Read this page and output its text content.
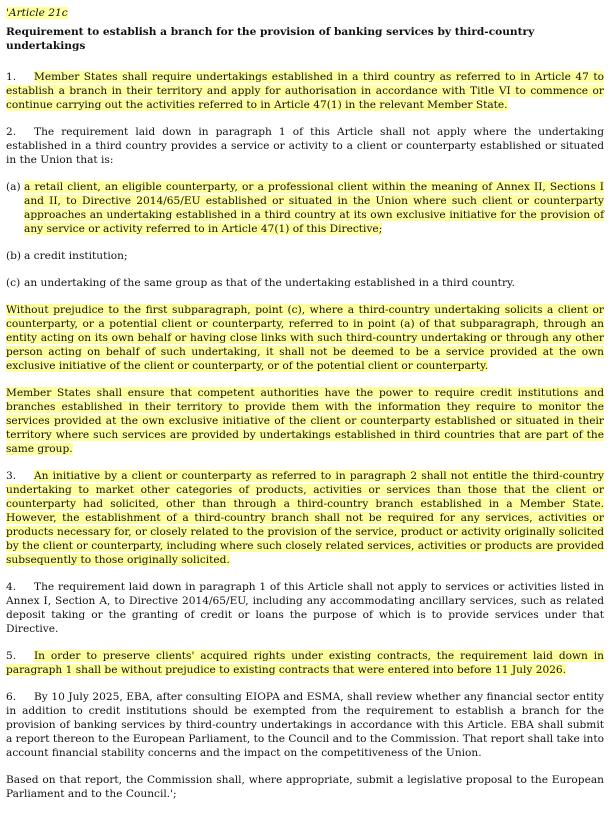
'Article 21c
Requirement to establish a branch for the provision of banking services by third-country undertakings

1. Member States shall require undertakings established in a third country as referred to in Article 47 to establish a branch in their territory and apply for authorisation in accordance with Title VI to commence or continue carrying out the activities referred to in Article 47(1) in the relevant Member State.

2. The requirement laid down in paragraph 1 of this Article shall not apply where the undertaking established in a third country provides a service or activity to a client or counterparty established or situated in the Union that is:

(a) a retail client, an eligible counterparty, or a professional client within the meaning of Annex II, Sections I and II, to Directive 2014/65/EU established or situated in the Union where such client or counterparty approaches an undertaking established in a third country at its own exclusive initiative for the provision of any service or activity referred to in Article 47(1) of this Directive;
(b) a credit institution;
(c) an undertaking of the same group as that of the undertaking established in a third country.

Without prejudice to the first subparagraph, point (c), where a third-country undertaking solicits a client or counterparty, or a potential client or counterparty, referred to in point (a) of that subparagraph, through an entity acting on its own behalf or having close links with such third-country undertaking or through any other person acting on behalf of such undertaking, it shall not be deemed to be a service provided at the own exclusive initiative of the client or counterparty, or of the potential client or counterparty.

Member States shall ensure that competent authorities have the power to require credit institutions and branches established in their territory to provide them with the information they require to monitor the services provided at the own exclusive initiative of the client or counterparty established or situated in their territory where such services are provided by undertakings established in third countries that are part of the same group.

3. An initiative by a client or counterparty as referred to in paragraph 2 shall not entitle the third-country undertaking to market other categories of products, activities or services than those that the client or counterparty had solicited, other than through a third-country branch established in a Member State. However, the establishment of a third-country branch shall not be required for any services, activities or products necessary for, or closely related to the provision of the service, product or activity originally solicited by the client or counterparty, including where such closely related services, activities or products are provided subsequently to those originally solicited.

4. The requirement laid down in paragraph 1 of this Article shall not apply to services or activities listed in Annex I, Section A, to Directive 2014/65/EU, including any accommodating ancillary services, such as related deposit taking or the granting of credit or loans the purpose of which is to provide services under that Directive.

5. In order to preserve clients' acquired rights under existing contracts, the requirement laid down in paragraph 1 shall be without prejudice to existing contracts that were entered into before 11 July 2026.

6. By 10 July 2025, EBA, after consulting EIOPA and ESMA, shall review whether any financial sector entity in addition to credit institutions should be exempted from the requirement to establish a branch for the provision of banking services by third-country undertakings in accordance with this Article. EBA shall submit a report thereon to the European Parliament, to the Council and to the Commission. That report shall take into account financial stability concerns and the impact on the competitiveness of the Union.

Based on that report, the Commission shall, where appropriate, submit a legislative proposal to the European Parliament and to the Council.';
